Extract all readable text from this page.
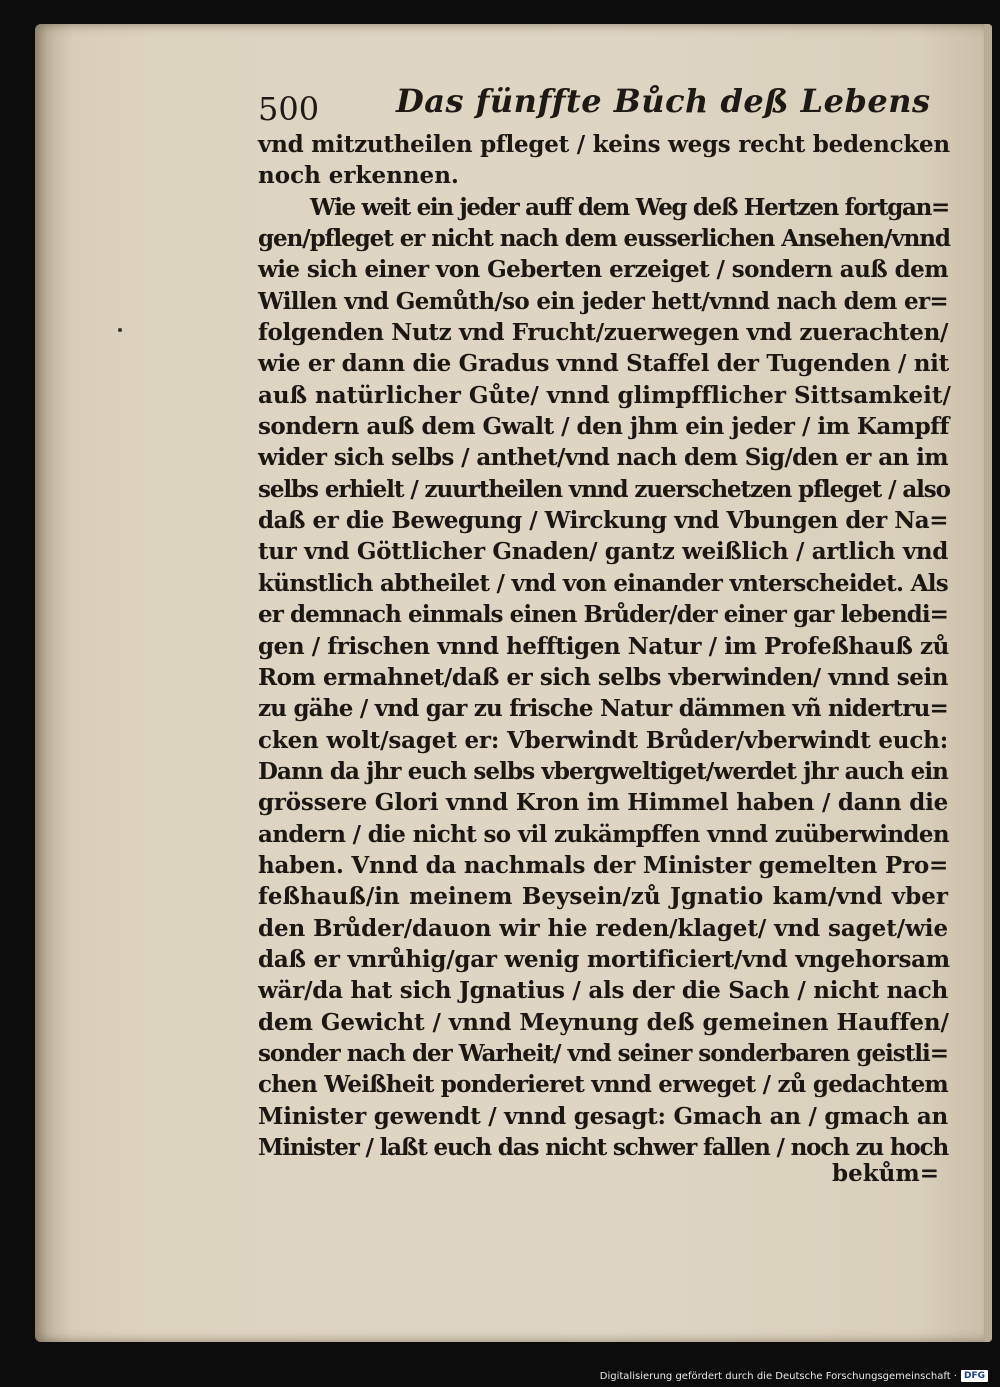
500 Das fünffte Bůch deß Lebens
vnd mitzutheilen pfleget / keins wegs recht bedencken
noch erkennen.
Wie weit ein jeder auff dem Weg deß Hertzen fortgan=
gen/pfleget er nicht nach dem eusserlichen Ansehen/vnnd
wie sich einer von Geberten erzeiget / sondern auß dem
Willen vnd Gemůth/so ein jeder hett/vnnd nach dem er=
folgenden Nutz vnd Frucht/zuerwegen vnd zuerachten/
wie er dann die Gradus vnnd Staffel der Tugenden / nit
auß natürlicher Gůte/ vnnd glimpfflicher Sittsamkeit/
sondern auß dem Gwalt / den jhm ein jeder / im Kampff
wider sich selbs / anthet/vnd nach dem Sig/den er an im
selbs erhielt / zuurtheilen vnnd zuerschetzen pfleget / also
daß er die Bewegung / Wirckung vnd Vbungen der Na=
tur vnd Göttlicher Gnaden/ gantz weißlich / artlich vnd
künstlich abtheilet / vnd von einander vnterscheidet. Als
er demnach einmals einen Brůder/der einer gar lebendi=
gen / frischen vnnd hefftigen Natur / im Profeßhauß zů
Rom ermahnet/daß er sich selbs vberwinden/ vnnd sein
zu gähe / vnd gar zu frische Natur dämmen vñ nidertru=
cken wolt/saget er: Vberwindt Brůder/vberwindt euch:
Dann da jhr euch selbs vbergweltiget/werdet jhr auch ein
grössere Glori vnnd Kron im Himmel haben / dann die
andern / die nicht so vil zukämpffen vnnd zuüberwinden
haben. Vnnd da nachmals der Minister gemelten Pro=
feßhauß/in meinem Beysein/zů Jgnatio kam/vnd vber
den Brůder/dauon wir hie reden/klaget/ vnd saget/wie
daß er vnrůhig/gar wenig mortificiert/vnd vngehorsam
wär/da hat sich Jgnatius / als der die Sach / nicht nach
dem Gewicht / vnnd Meynung deß gemeinen Hauffen/
sonder nach der Warheit/ vnd seiner sonderbaren geistli=
chen Weißheit ponderieret vnnd erweget / zů gedachtem
Minister gewendt / vnnd gesagt: Gmach an / gmach an
Minister / laßt euch das nicht schwer fallen / noch zu hoch
bekům=
Digitalisierung gefördert durch die Deutsche Forschungsgemeinschaft · DFG
